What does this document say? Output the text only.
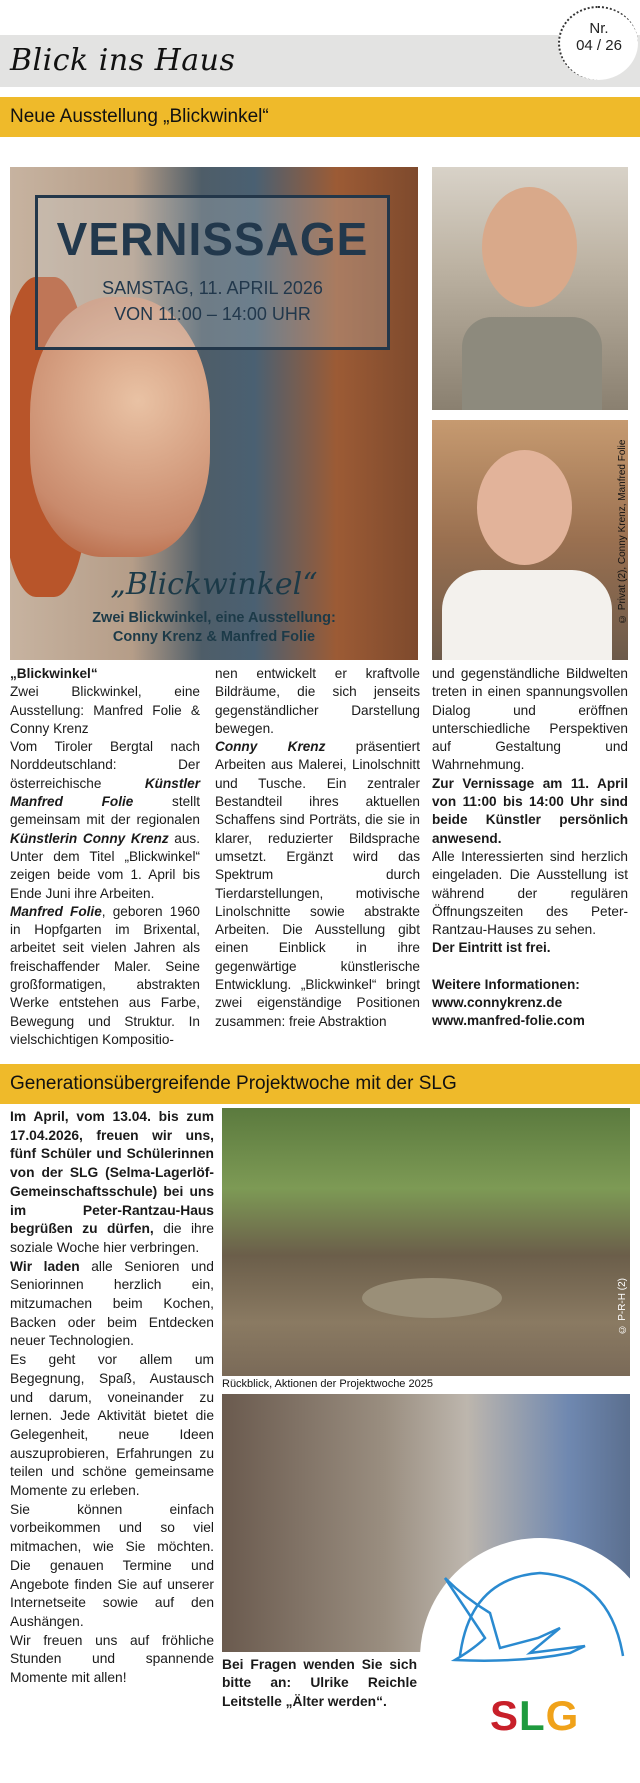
Blick ins Haus
Nr.
04 / 26
Neue Ausstellung „Blickwinkel“
VERNISSAGE
SAMSTAG, 11. APRIL 2026
VON 11:00 – 14:00 UHR
„Blickwinkel“
Zwei Blickwinkel, eine Ausstellung:
Conny Krenz & Manfred Folie
© Privat (2), Conny Krenz, Manfred Folie

„Blickwinkel“

Zwei Blickwinkel, eine Ausstellung: Manfred Folie & Conny Krenz

Vom Tiroler Bergtal nach Norddeutschland: Der österreichische Künstler Manfred Folie stellt gemeinsam mit der regionalen Künstlerin Conny Krenz aus. Unter dem Titel „Blickwinkel“ zeigen beide vom 1. April bis Ende Juni ihre Arbeiten.

Manfred Folie, geboren 1960 in Hopfgarten im Brixental, arbeitet seit vielen Jahren als freischaffender Maler. Seine großformatigen, abstrakten Werke entstehen aus Farbe, Bewegung und Struktur. In vielschichtigen Kompositio-

nen entwickelt er kraftvolle Bildräume, die sich jenseits gegenständlicher Darstellung bewegen.

Conny Krenz präsentiert Arbeiten aus Malerei, Linolschnitt und Tusche. Ein zentraler Bestandteil ihres aktuellen Schaffens sind Porträts, die sie in klarer, reduzierter Bildsprache umsetzt. Ergänzt wird das Spektrum durch Tierdarstellungen, motivische Linolschnitte sowie abstrakte Arbeiten. Die Ausstellung gibt einen Einblick in ihre gegenwärtige künstlerische Entwicklung. „Blickwinkel“ bringt zwei eigenständige Positionen zusammen: freie Abstraktion

und gegenständliche Bildwelten treten in einen spannungsvollen Dialog und eröffnen unterschiedliche Perspektiven auf Gestaltung und Wahrnehmung.

Zur Vernissage am 11. April von 11:00 bis 14:00 Uhr sind beide Künstler persönlich anwesend.

Alle Interessierten sind herzlich eingeladen. Die Ausstellung ist während der regulären Öffnungszeiten des Peter-Rantzau-Hauses zu sehen.

Der Eintritt ist frei.

Weitere Informationen:

www.connykrenz.de

www.manfred-folie.com

Generationsübergreifende Projektwoche mit der SLG

Im April, vom 13.04. bis zum 17.04.2026, freuen wir uns, fünf Schüler und Schülerinnen von der SLG (Selma-Lagerlöf-Gemeinschaftsschule) bei uns im Peter-Rantzau-Haus begrüßen zu dürfen, die ihre soziale Woche hier verbringen.

Wir laden alle Senioren und Seniorinnen herzlich ein, mitzumachen beim Kochen, Backen oder beim Entdecken neuer Technologien.

Es geht vor allem um Begegnung, Spaß, Austausch und darum, voneinander zu lernen. Jede Aktivität bietet die Gelegenheit, neue Ideen auszuprobieren, Erfahrungen zu teilen und schöne gemeinsame Momente zu erleben.

Sie können einfach vorbeikommen und so viel mitmachen, wie Sie möchten. Die genauen Termine und Angebote finden Sie auf unserer Internetseite sowie auf den Aushängen.

Wir freuen uns auf fröhliche Stunden und spannende Momente mit allen!

© P-R-H (2)
Rückblick, Aktionen der Projektwoche 2025
Bei Fragen wenden Sie sich bitte an: Ulrike Reichle Leitstelle „Älter werden“.	SLG
